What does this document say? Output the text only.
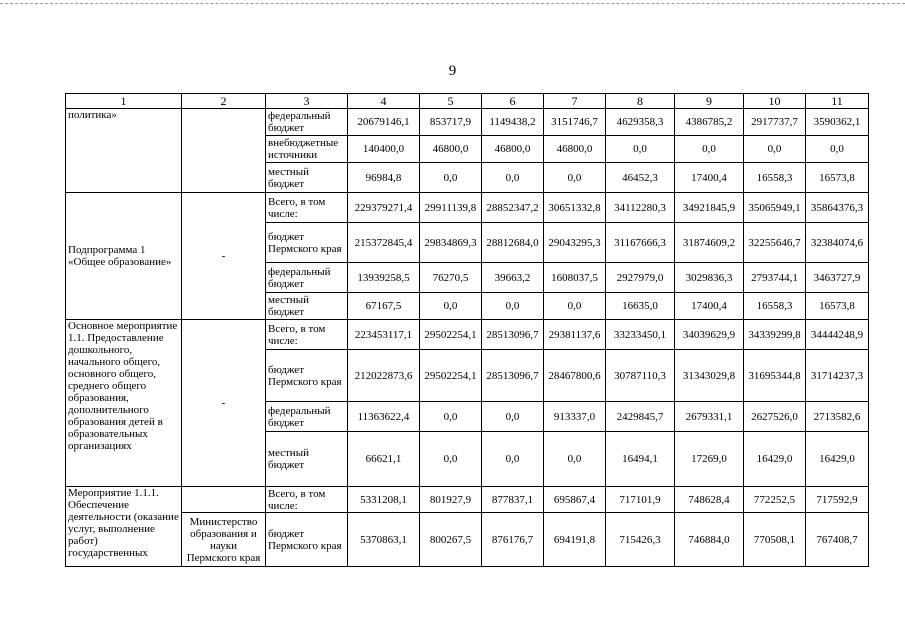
9
1	2	3	4	5	6	7	8	9	10	11
политика»		федеральный бюджет	20679146,1	853717,9	1149438,2	3151746,7	4629358,3	4386785,2	2917737,7	3590362,1
		внебюджетные источники	140400,0	46800,0	46800,0	46800,0	0,0	0,0	0,0	0,0
		местный бюджет	96984,8	0,0	0,0	0,0	46452,3	17400,4	16558,3	16573,8
Подпрограмма 1 «Общее образование»	-	Всего, в том числе:	229379271,4	29911139,8	28852347,2	30651332,8	34112280,3	34921845,9	35065949,1	35864376,3
		бюджет Пермского края	215372845,4	29834869,3	28812684,0	29043295,3	31167666,3	31874609,2	32255646,7	32384074,6
		федеральный бюджет	13939258,5	76270,5	39663,2	1608037,5	2927979,0	3029836,3	2793744,1	3463727,9
		местный бюджет	67167,5	0,0	0,0	0,0	16635,0	17400,4	16558,3	16573,8
Основное мероприятие 1.1. Предоставление дошкольного, начального общего, основного общего, среднего общего образования, дополнительного образования детей в образовательных организациях	-	Всего, в том числе:	223453117,1	29502254,1	28513096,7	29381137,6	33233450,1	34039629,9	34339299,8	34444248,9
		бюджет Пермского края	212022873,6	29502254,1	28513096,7	28467800,6	30787110,3	31343029,8	31695344,8	31714237,3
		федеральный бюджет	11363622,4	0,0	0,0	913337,0	2429845,7	2679331,1	2627526,0	2713582,6
		местный бюджет	66621,1	0,0	0,0	0,0	16494,1	17269,0	16429,0	16429,0
Мероприятие 1.1.1. Обеспечение деятельности (оказание услуг, выполнение работ) государственных		Всего, в том числе:	5331208,1	801927,9	877837,1	695867,4	717101,9	748628,4	772252,5	717592,9
	Министерство образования и науки Пермского края	бюджет Пермского края	5370863,1	800267,5	876176,7	694191,8	715426,3	746884,0	770508,1	767408,7
